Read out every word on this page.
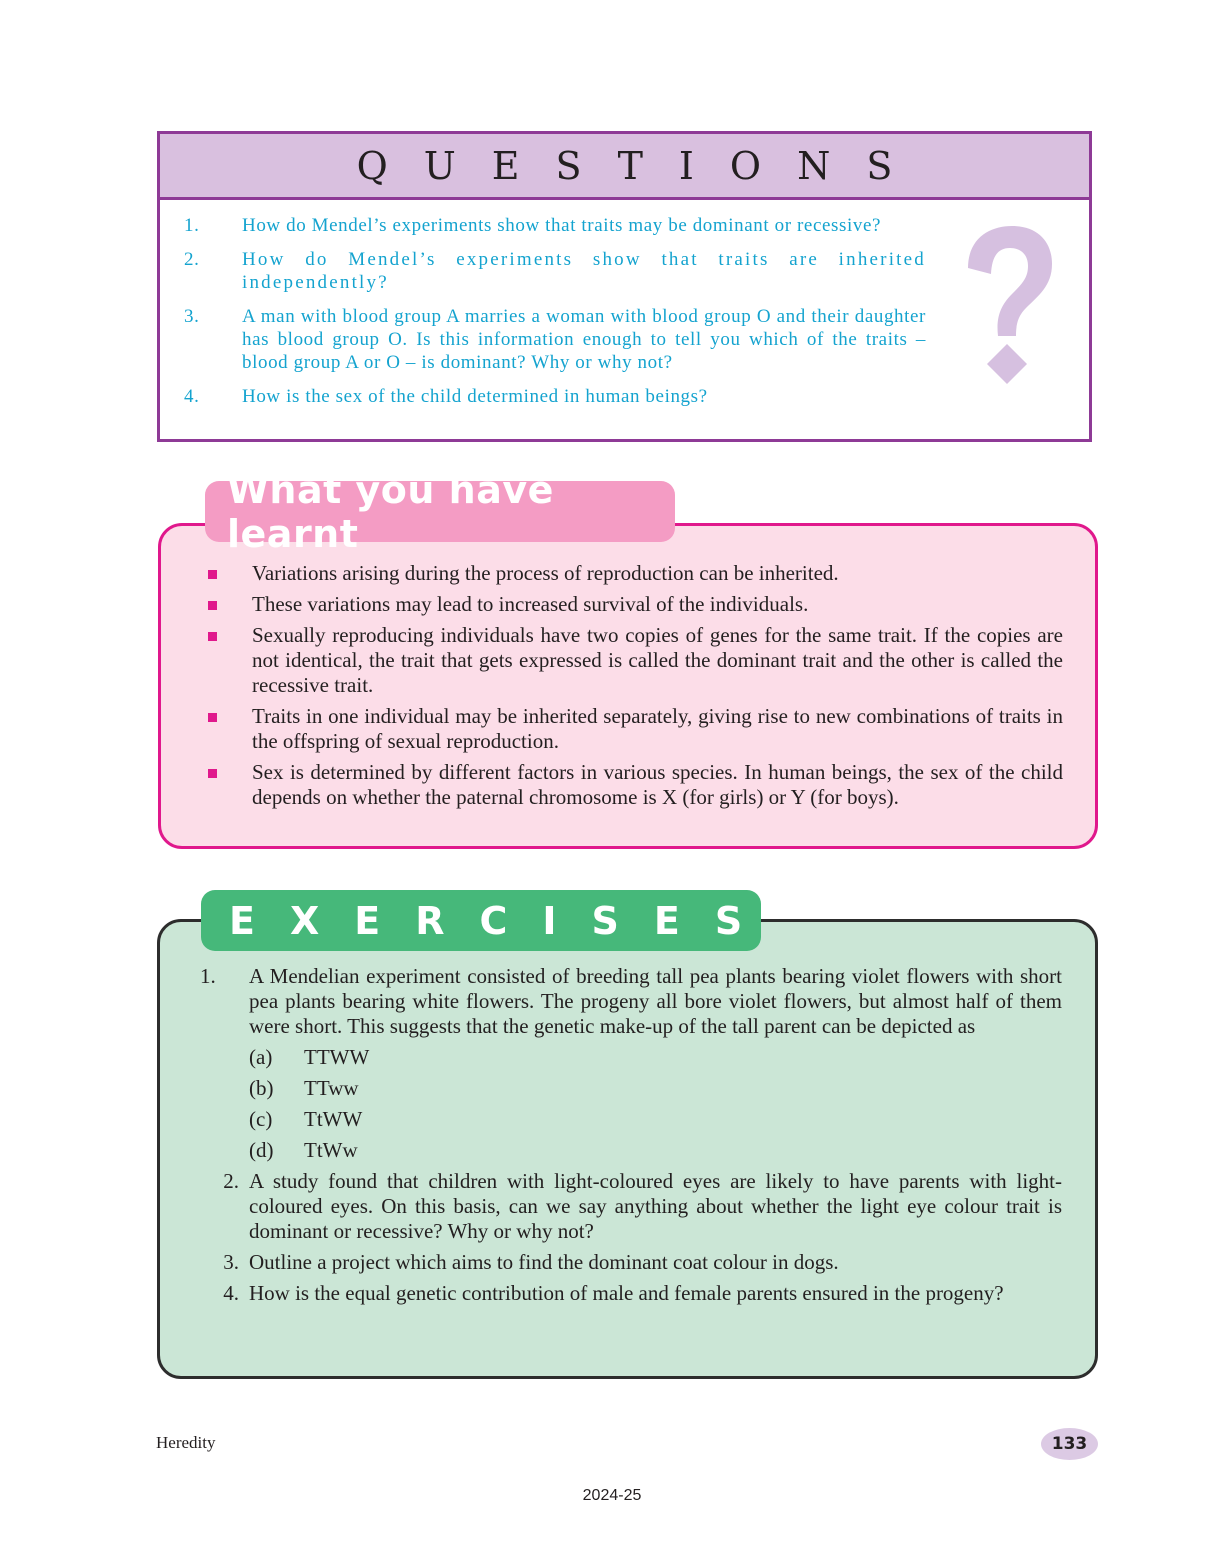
QUESTIONS
1.	How do Mendel’s experiments show that traits may be dominant or recessive?
2.	How do Mendel’s experiments show that traits are inherited independently?
3.	A man with blood group A marries a woman with blood group O and their daughter has blood group O. Is this information enough to tell you which of the traits – blood group A or O – is dominant? Why or why not?
4.	How is the sex of the child determined in human beings?
What you have learnt
Variations arising during the process of reproduction can be inherited.
These variations may lead to increased survival of the individuals.
Sexually reproducing individuals have two copies of genes for the same trait. If the copies are not identical, the trait that gets expressed is called the dominant trait and the other is called the recessive trait.
Traits in one individual may be inherited separately, giving rise to new combinations of traits in the offspring of sexual reproduction.
Sex is determined by different factors in various species. In human beings, the sex of the child depends on whether the paternal chromosome is X (for girls) or Y (for boys).
EXERCISES
1.	A Mendelian experiment consisted of breeding tall pea plants bearing violet flowers with short pea plants bearing white flowers. The progeny all bore violet flowers, but almost half of them were short. This suggests that the genetic make-up of the tall parent can be depicted as
(a)	TTWW
(b)	TTww
(c)	TtWW
(d)	TtWw
2. A study found that children with light-coloured eyes are likely to have parents with light-coloured eyes. On this basis, can we say anything about whether the light eye colour trait is dominant or recessive? Why or why not?
3. Outline a project which aims to find the dominant coat colour in dogs.
4. How is the equal genetic contribution of male and female parents ensured in the progeny?
Heredity	133
2024-25
